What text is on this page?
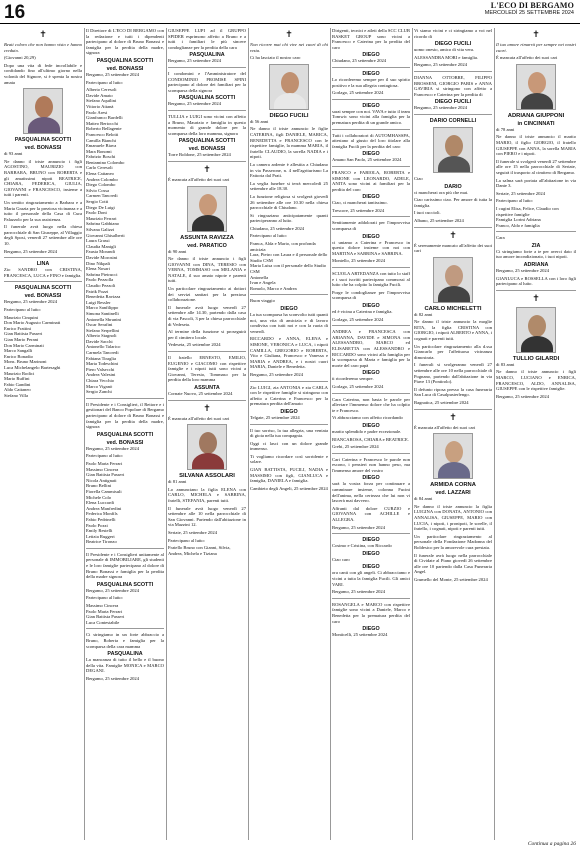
16	L'ECO DI BERGAMO
MERCOLEDÌ 25 SETTEMBRE 2024
✝

Beati coloro che non hanno visto e hanno creduto.

(Giovanni 20,29)

Dopo una vita di fede incrollabile e confidando fino all'ultimo giorno nella volontà del Signore, si è spenta la nostra amata

PASQUALINA SCOTTI
ved. BONASSI

di 93 anni

Ne danno il triste annuncio i figli AGOSTINO, MAURIZIO con BARBARA, BRUNO con ROBERTA e gli amatissimi nipoti BEATRICE, CHIARA, FEDERICA, GIULIA, GIOVANNI e FRANCESCO, insieme a tutti i parenti.

Un sentito ringraziamento a Barbara e a Maria Grazia per la preziosa vicinanza e a tutto il personale della Casa di Cura Palazzolo per la sua assistenza.

Il funerale avrà luogo nella chiesa parrocchiale di San Giuseppe, al Villaggio degli Sposi, venerdì 27 settembre alle ore 10.

Bergamo, 25 settembre 2024

LINA

Zio SANDRO con CRISTINA, FRANCESCA, LUCA e FINO e famiglia.

PASQUALINA SCOTTI
ved. BONASSI

Bergamo, 25 settembre 2024

Partecipano al lutto:

Maurizio Cinquini
Don Mario Augusto Carminati
Enrico Frattini
Gian Battista Passeri
Gian Mario Perani
Don Mario Carminati
Marco Sangalli
Enrico Bonadio
Mons. Bruno Marinoni
Luca Michelangelo Bartesaghi
Maurizio Rodici
Mario Ruffini
Fabio Gandini
Aldo Cattaneo
Stefano Villa

Il Direttore di L'ECO DI BERGAMO con la redazione e tutti i dipendenti partecipano al dolore di Bruno Bonassi e famiglia per la perdita della madre, signora

PASQUALINA SCOTTI
ved. BONASSI

Bergamo, 25 settembre 2024

Partecipano al lutto:

Alberto Ceresoli
Davide Amato
Stefano Aquilini
Vittorio Attanà
Paolo Aresi
Gianfranco Bardelli
Matteo Bertocchi
Roberto Bellagente
Francesco Belotti
Camilla Bianchi
Emanuele Biava
Mara Bonomi
Fabrizio Boschi
Beniamino Colombo
Carlo Ceresoli
Elena Cattaneo
Andrea Colombo
Diego Colombo
Silvio Cossa
Carmen Tancredi
Sergio Cotti
Diego De Luigi
Paolo Doni
Maurizio Ferrari
Sabrina Gabbiano
Silvana Galizzi
Giovanni Ghisalberti
Laura Grassi
Claudia Manigli
Fausta Morandi
Davide Morosini
Dino Nikpali
Elena Nosari
Sabrina Pietrucci
Paolo Pezzolla
Claudio Pezzoli
Patrik Pozzi
Benedetta Ravizza
Luigi Ressler
Marco Sanfilippo
Simona Santinelli
Antonella Sbrunini
Oscar Serafini
Stefano Serpellini
Alberto Stagnoli
Davide Sacchi
Antonello Talarico
Carmela Tancredi
Fabiana Tiraglia
Marta Todeschini
Piero Valsecchi
Andrea Valesini
Chiara Vecchio
Marco Viganò
Sergio Zanchi

Il Presidente e i Consiglieri, il Rettore e i gestionari del Banco Popolare di Bergamo partecipano al dolore di Bruno Bonassi e famiglia per la perdita della madre, signora

PASQUALINA SCOTTI
ved. BONASSI

Bergamo, 25 settembre 2024

Partecipano al lutto:

Paolo Maria Ferrari
Massimo Cincera
Gian Battista Passeri
Nicola Antignati
Bruno Bellini
Fiorella Cammisuli
Michele Colo
Elena Luccardi
Andrea Manfredini
Federica Monfils
Fabio Pedrinelli
Paolo Pozzi
Emily Restelli
Letizia Ruggeri
Beatrice Tironzo

Il Presidente e i Consiglieri unitamente al personale di IMMOBILIARE, gli studenti e le loro famiglie partecipano al dolore di Bruno Bonassi e famiglia per la perdita della madre signora

PASQUALINA SCOTTI

Bergamo, 25 settembre 2024

Partecipano al lutto:

Massimo Cincera
Paolo Maria Ferrari
Gian Battista Passeri
Luca Contestabile

Ci stringiamo in un forte abbraccio a Bruno, Roberta e famiglia per la scomparsa della cara mamma

PASQUALINA

La mancanza di tutto il bello e il buono della vita. Famiglie MONICA e MARCO DEGANI.

Bergamo, 25 settembre 2024

GIUSEPPE LUPI ad il GRUPPO SPIDER esprimono affetto a Bruno e a tutti i familiari le più sincere condoglianze per la perdita della cara

PASQUALINA

Bergamo, 25 settembre 2024

I condomini e l'Amministratore del CONDOMINIO PROMISE SPINI partecipano al dolore dei familiari per la scomparsa della signora

PASQUALINA SCOTTI

Bergamo, 25 settembre 2024

TULLIA e LUIGI sono vicini con affetto a Bruno, Maurizio e famiglia in questo momento di grande dolore per la scomparsa della loro mamma, signora

PASQUALINA SCOTTI
ved. BONASSI

Torre Boldone, 25 settembre 2024

✝

È mancata all'affetto dei suoi cari

ASSUNTA RAVIZZA
ved. PARATICO

di 90 anni

Ne danno il triste annuncio i figli GIOVANNI con DINA, TERESIO con VERNA, TOMMASO con MELANIA e NATALE, il suo amato nipote e parenti tutti.

Un particolare ringraziamento ai dottori dei servizi sanitari per la preziosa collaborazione.

Il funerale avrà luogo venerdì 27 settembre alle 14.30, partendo dalla casa di via Pascoli, 3 per la chiesa parrocchiale di Vedeseta.

Al termine della funzione si proseguirà per il cimitero locale.

Vedeseta, 25 settembre 2024

Il fratello ERNESTO, EMILIO, EUGENIO e GIACOMO con rispettive famiglie e i nipoti tutti sono vicini a Giovanni, Teresio, Tommaso per la perdita della loro mamma

ASSUNTA

Cornate Nuovo, 25 settembre 2024

✝

È mancata all'affetto dei suoi cari

SILVANA ASSOLARI

di 81 anni

Lo annunciano la figlia ELENA con CARLO, MICHELA e SABRINA, fratelli, STEFANIA, parenti tutti.

Il funerale avrà luogo venerdì 27 settembre alle 10 nella parrocchiale di San Giovanni. Partendo dall'abitazione in via Mazzini 12.

Seriate, 25 settembre 2024

Partecipano al lutto:

Fratello Bruno con Gianni, Silvia, Andrea, Michela e Tiziana
✝

Non ricorre mai chi vive nei cuori di chi resta.

Ci ha lasciato il nostro caro

DIEGO FUCILI

di 56 anni

Ne danno il triste annuncio le figlie CATERINA, figli DANIELE, MARICA, BENEDETTA e FRANCESCO con le rispettive famiglie, la mamma MARIA, il fratello CLAUDIO, la sorella NADIA e i nipoti.

La camera ardente è allestita a Chiudano in via Passerone, n. 4 nell'agriturismo La Fattoria dal Prati.

La veglia funebre si terrà mercoledì 25 settembre alle 18.30.

La funzione religiosa si svolgerà giovedì 26 settembre alle ore 10.30 nella chiesa parrocchiale di Chiudano.

Si ringraziano anticipatamente quanti parteciperanno al lutto.

Chiudano, 25 settembre 2024

Partecipano al lutto:

Franca, Alda e Mario, con profonda amicizia
Lara, Pietro con Laura e il personale dello Studio CSM
Maria Luisa con il personale dello Studio CSM
Antonella
Ivan e Angela
Romolo, Marco e Andrea

Buon viaggio

DIEGO

La tua scomparsa ha sconvolto tutti quanti noi, una vita di amicizia e di lavoro condivisa con tutti noi e con la ruota di venerdì.

RICCARDO e ANNA, ELENA e SIMONE, VERONICA e LUCA, i nipoti CAMILLA, GREGORIO e ROBERTA, Vito e Giuliana, Francesco e Vanessa e MARIA e ANDREA, e i nostri cuori MARIA, Daniele e Benedetta.

Bergamo, 25 settembre 2024

Zio LUIGI, zia ANTONIA e zia CARLA con le rispettive famiglie si stringono con affetto a Caterina e Francesco per la prematura perdita dell'amato

DIEGO

Telgate, 25 settembre 2024

Il tuo sorriso, la tua allegria, una ventata di gioia nella tua compagnia.

Oggi ci lasci con un dolore grande immenso.

Ti vogliamo ricordare così sorridente e solare.

GIAN BATTISTA, FUCILI, NADIA e MASSIMO con figli, GIANLUCA e famiglia, DANIELA e famiglia.

Cambieto degli Angeli, 25 settembre 2024

Dirigenti, tecnici e atleti della SCC CLUB BASKET GROUP sono vicini a Francesco e Caterina per la perdita del caro

DIEGO

Chiudano, 25 settembre 2024

DIEGO

Lo ricorderemo sempre per il suo spirito positivo e la sua allegria contagiosa.

Gorlago, 25 settembre 2024

DIEGO

sarai sempre con noi. VAVA e tutto il team Tomwic sono vicini alla famiglia per la prematura perdita di un grande amico.

Tutti i collaboratori di AUTOMHASSPA, attestano al giusto del loro titolare alla famiglia Fucili per la perdita del caro

DIEGO

Amano San Paolo, 25 settembre 2024

FRANCO e FABIOLA, ROBERTA e SIMONE con LEONARDO, ADELE, ANITA sono vicini ai familiari per la perdita del caro

DIEGO

Ciao, ci mancherai tantissimo.

Trescore, 25 settembre 2024

Sentitamente addolorati per l'improvvisa scomparsa di

DIEGO

ci uniamo a Caterina e Francesco in questo dolore insieme con noi con MARTINA e SABRINA e SABRINA.

Montello, 25 settembre 2024

SCUOLA ARTEDANZA con tutto lo staff e i suoi iscritti partecipano commossi al lutto che ha colpito la famiglia Fucili.

Porge le condoglianze per l'improvvisa scomparsa di

DIEGO

ed è vicina a Caterina e famiglia.

Gorlago, 25 settembre 2024

ANDREA e FRANCESCA con ARIANNA, DAVIDE e SIMONA con ALESSANDRO, MARCO ed ELISABETTA con ALESSANDRO e RICCARDO sono vicini alla famiglia per la scomparsa di Marta e famiglia per la morte del caro papà

DIEGO

ti ricorderemo sempre.

Gorlago, 25 settembre 2024

Cara Caterina, non basta le parole per alleviare l'immenso dolore che ha colpito te e Francesco.

Vi abbracciamo con affetto ricordando

DIEGO

marito splendido e padre eccezionale.

BIANCAROSA, CHIARA e BEATRICE.

Grebi, 25 settembre 2024

Cari Caterina e Francesco le parole non escono, i pensieri non hanno peso, ma l'immenso amore del vostro

DIEGO

sarà la vostra forza per continuare a camminare insieme, colonna Fucini dell'anima, nella certezza che lui non vi lascerà mai davvero.

Affranti dal dolore CURZIO e GIOVANNA con ACHILLE e ALLEGRA.

Bergamo, 25 settembre 2024

DIEGO

Cosimo e Cristina, con Riccardo

DIEGO

Ciao caro

DIEGO

ora canti con gli angeli. Ci abbracciamo e vicini a tutta la famiglia Fucili. Gli amici VARI.

Bergamo, 25 settembre 2024

ROSANGELA e MARCO con rispettive famiglie sono vicini a Daniele, Marco e Benedetta per la prematura perdita del caro

DIEGO

Monticelli, 25 settembre 2024

Vi siamo vicini e ci stringiamo a voi nel ricordo di

DIEGO FUCILI

uomo onesto, amico di vita vera.

ALESSANDRA MORI e famiglia.

Bergamo, 25 settembre 2024

DIANNA OTTOBRE, FILIPPO BROSSENI, GIORGIO PARIS e ANNA GAVIRIA si stringono con affetto a Francesco e Caterina per la perdita di

DIEGO FUCILI

Bergamo, 25 settembre 2024

DARIO CORNELLI

Ciao

DARIO

ci mancherai ora più che mai.

Ciao carissimo ciao. Per amore di tutta la famiglia.

I tuoi cuccioli.

Albano, 25 settembre 2024

✝

È serenamente mancato all'affetto dei suoi cari

CARLO MICHELETTI

di 82 anni

Ne danno il triste annuncio la moglie RITA, la figlia CRISTINA con GIORGIO, i nipoti ALBERTO e ANNA, i cognati e parenti tutti.

Un particolare ringraziamento alla d.ssa Giancarlo per l'affettuosa vicinanza dimostrata.

I funerali si svolgeranno venerdì 27 settembre alle ore 10 nella parrocchiale di Pognano, partendo dall'abitazione in via Piave 13 (Pontirolo).

Il defunto riposa presso la casa funeraria San Luca di Casalpusterlengo.

Bagnatica, 25 settembre 2024

✝

È mancata all'affetto dei suoi cari

ARMIDA CORNA
ved. LAZZARI

di 84 anni

Ne danno il triste annuncio la figlia LUIGINA con DONATA, ANTONIO con ANNALISA, GIUSEPPE, MARIO con LUCIA, i nipoti, i pronipoti, le sorelle, il fratello, i cognati, nipoti e parenti tutti.

Un particolare ringraziamento al personale della Fondazione Madonna del Boldesico per la amorevole cura prestata.

Il funerale avrà luogo nella parrocchiale di Cividate al Piano giovedì 26 settembre alle ore 10 partendo dalla Casa Funeraria Angel.

Grumello del Monte, 25 settembre 2024

✝

Il tuo amore rimarrà per sempre nei nostri cuori.

È mancata all'affetto dei suoi cari

ADRIANA GIUPPONI
in CINCINNATI

di 78 anni

Ne danno il triste annuncio il marito MARIO, il figlio GIORGIO, il fratello GIUSEPPE con ANNA, la sorella MARIA con PIERO e i nipoti.

Il funerale si svolgerà venerdì 27 settembre alle ore 15 nella parrocchiale di Seriate, seguirà il trasporto al cimitero di Bergamo.

La salma sarà portata all'abitazione in via Dante 3.

Seriate, 25 settembre 2024

Partecipano al lutto:

I cugini Elisa, Felice, Claudio con rispettive famiglie
Famiglia Lorini Adriana
Franco, Aldo e famiglia

Cara

ZIA

Ci stringiamo forte a te per averci dato il tuo amore incondizionato, i tuoi nipoti.

ADRIANA

Bergamo, 25 settembre 2024

GIANLUCA e ROSSELLA con i loro figli partecipano al lutto.

✝
TULLIO GILARDI

di 83 anni

Ne danno il triste annuncio i figli MARCO, LUCIANO e ENRICA, FRANCESCO, ALDO, ANNALISA, GIUSEPPE con le rispettive famiglie.

Bergamo, 25 settembre 2024

Continua a pagina 26
